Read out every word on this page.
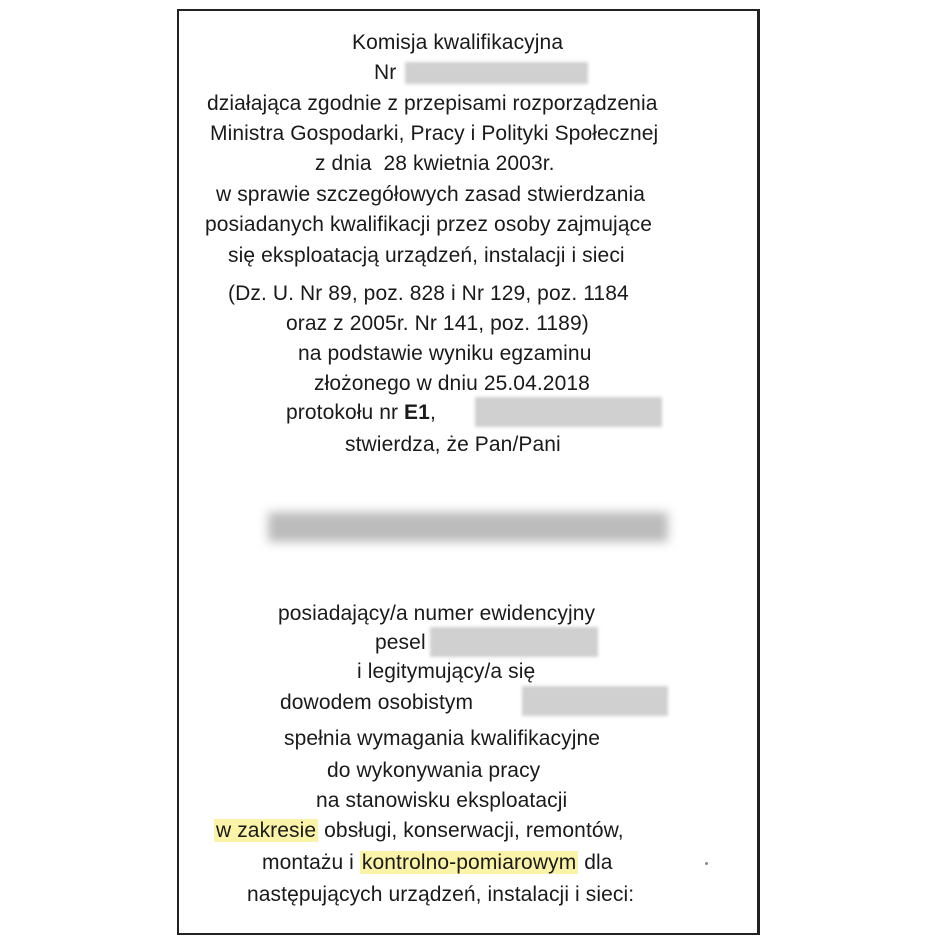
Komisja kwalifikacyjna
Nr
działająca zgodnie z przepisami rozporządzenia
Ministra Gospodarki, Pracy i Polityki Społecznej
z dnia  28 kwietnia 2003r.
w sprawie szczegółowych zasad stwierdzania
posiadanych kwalifikacji przez osoby zajmujące
się eksploatacją urządzeń, instalacji i sieci
(Dz. U. Nr 89, poz. 828 i Nr 129, poz. 1184
oraz z 2005r. Nr 141, poz. 1189)
na podstawie wyniku egzaminu
złożonego w dniu 25.04.2018
protokołu nr E1,
stwierdza, że Pan/Pani
posiadający/a numer ewidencyjny
pesel
i legitymujący/a się
dowodem osobistym
spełnia wymagania kwalifikacyjne
do wykonywania pracy
na stanowisku eksploatacji
w zakresie obsługi, konserwacji, remontów,
montażu i kontrolno-pomiarowym dla
następujących urządzeń, instalacji i sieci:
